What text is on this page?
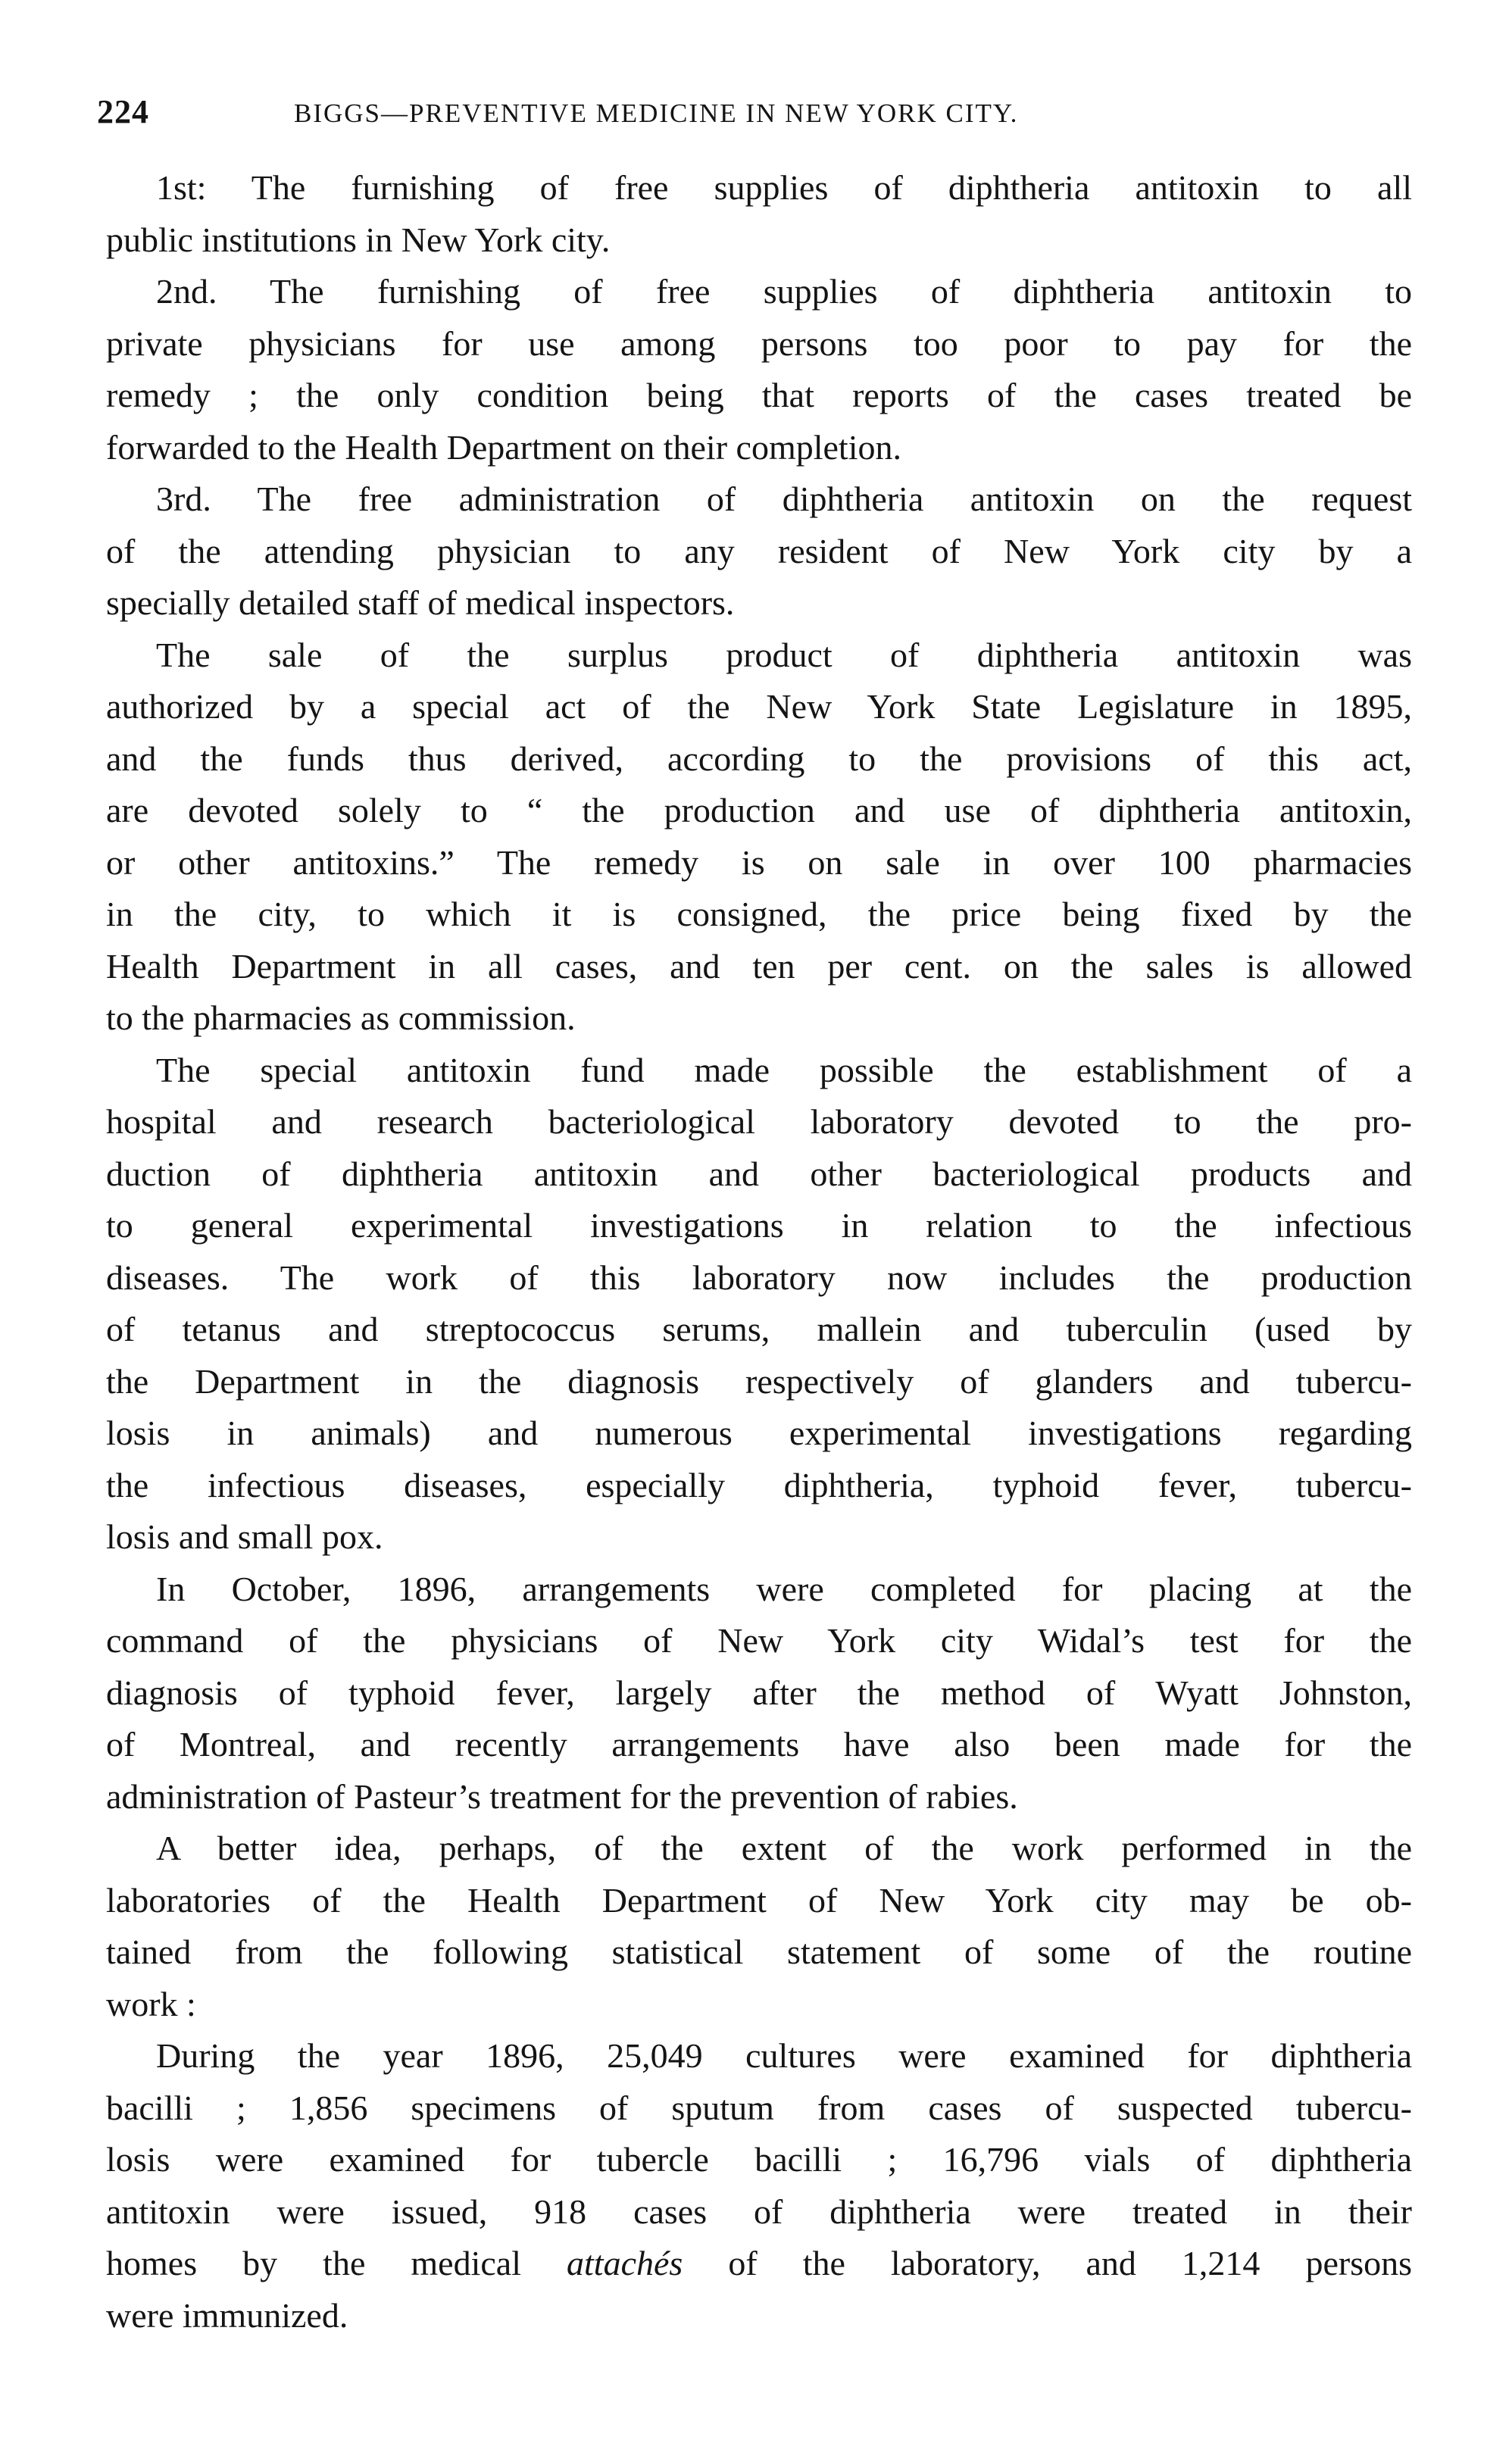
224	BIGGS—PREVENTIVE MEDICINE IN NEW YORK CITY.

1st: The furnishing of free supplies of diphtheria antitoxin to all
public institutions in New York city.

2nd. The furnishing of free supplies of diphtheria antitoxin to
private physicians for use among persons too poor to pay for the
remedy ; the only condition being that reports of the cases treated be
forwarded to the Health Department on their completion.

3rd. The free administration of diphtheria antitoxin on the request
of the attending physician to any resident of New York city by a
specially detailed staff of medical inspectors.

The sale of the surplus product of diphtheria antitoxin was
authorized by a special act of the New York State Legislature in 1895,
and the funds thus derived, according to the provisions of this act,
are devoted solely to “ the production and use of diphtheria antitoxin,
or other antitoxins.” The remedy is on sale in over 100 pharmacies
in the city, to which it is consigned, the price being fixed by the
Health Department in all cases, and ten per cent. on the sales is allowed
to the pharmacies as commission.

The special antitoxin fund made possible the establishment of a
hospital and research bacteriological laboratory devoted to the pro-
duction of diphtheria antitoxin and other bacteriological products and
to general experimental investigations in relation to the infectious
diseases. The work of this laboratory now includes the production
of tetanus and streptococcus serums, mallein and tuberculin (used by
the Department in the diagnosis respectively of glanders and tubercu-
losis in animals) and numerous experimental investigations regarding
the infectious diseases, especially diphtheria, typhoid fever, tubercu-
losis and small pox.

In October, 1896, arrangements were completed for placing at the
command of the physicians of New York city Widal’s test for the
diagnosis of typhoid fever, largely after the method of Wyatt Johnston,
of Montreal, and recently arrangements have also been made for the
administration of Pasteur’s treatment for the prevention of rabies.

A better idea, perhaps, of the extent of the work performed in the
laboratories of the Health Department of New York city may be ob-
tained from the following statistical statement of some of the routine
work :

During the year 1896, 25,049 cultures were examined for diphtheria
bacilli ; 1,856 specimens of sputum from cases of suspected tubercu-
losis were examined for tubercle bacilli ; 16,796 vials of diphtheria
antitoxin were issued, 918 cases of diphtheria were treated in their
homes by the medical attachés of the laboratory, and 1,214 persons
were immunized.
